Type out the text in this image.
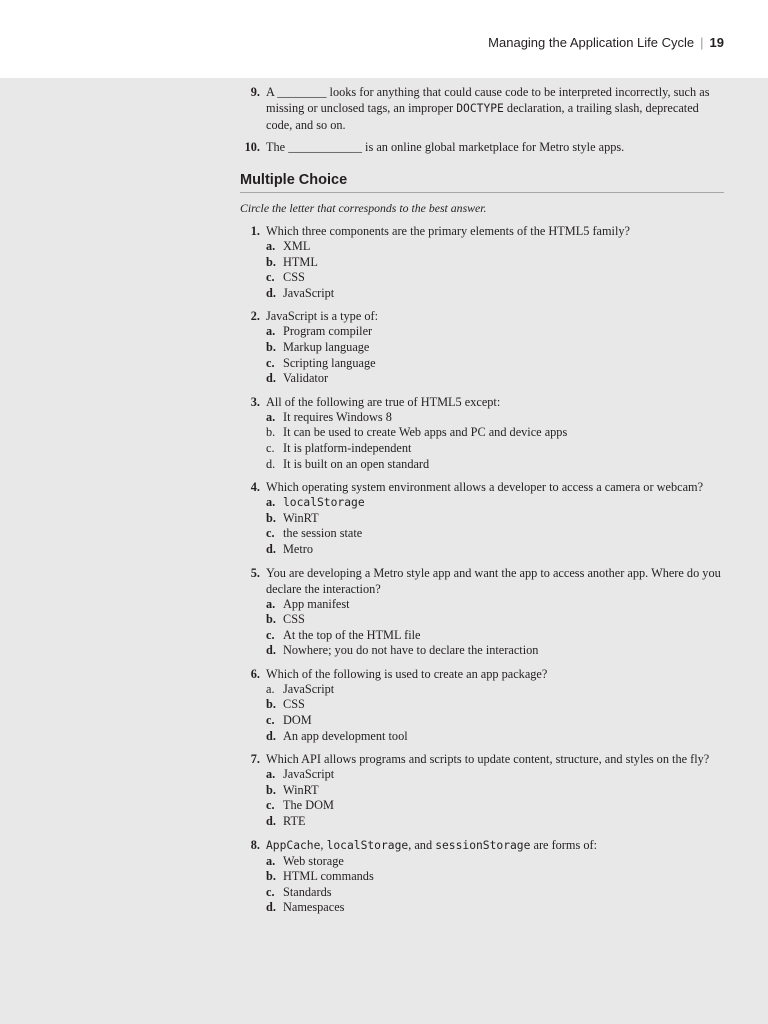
Managing the Application Life Cycle | 19
9. A ________ looks for anything that could cause code to be interpreted incorrectly, such as missing or unclosed tags, an improper DOCTYPE declaration, a trailing slash, deprecated code, and so on.
10. The ____________ is an online global marketplace for Metro style apps.
Multiple Choice
Circle the letter that corresponds to the best answer.
1. Which three components are the primary elements of the HTML5 family?
a. XML
b. HTML
c. CSS
d. JavaScript
2. JavaScript is a type of:
a. Program compiler
b. Markup language
c. Scripting language
d. Validator
3. All of the following are true of HTML5 except:
a. It requires Windows 8
b. It can be used to create Web apps and PC and device apps
c. It is platform-independent
d. It is built on an open standard
4. Which operating system environment allows a developer to access a camera or webcam?
a. localStorage
b. WinRT
c. the session state
d. Metro
5. You are developing a Metro style app and want the app to access another app. Where do you declare the interaction?
a. App manifest
b. CSS
c. At the top of the HTML file
d. Nowhere; you do not have to declare the interaction
6. Which of the following is used to create an app package?
a. JavaScript
b. CSS
c. DOM
d. An app development tool
7. Which API allows programs and scripts to update content, structure, and styles on the fly?
a. JavaScript
b. WinRT
c. The DOM
d. RTE
8. AppCache, localStorage, and sessionStorage are forms of:
a. Web storage
b. HTML commands
c. Standards
d. Namespaces
